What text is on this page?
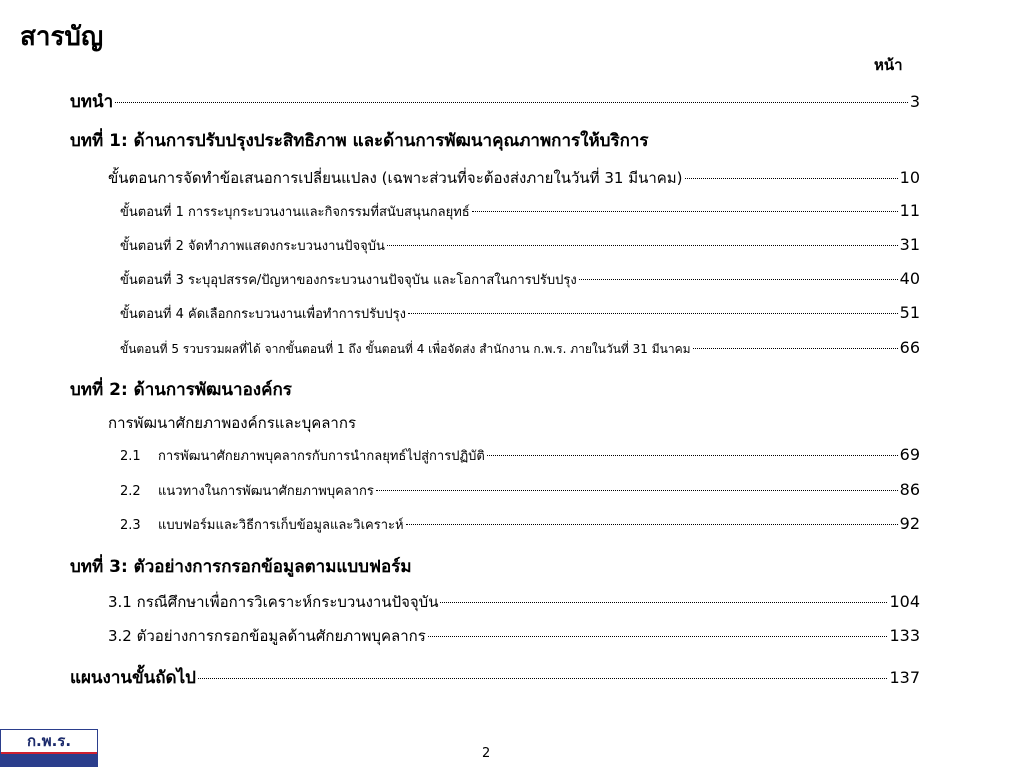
สารบัญ
หน้า
บทนำ	3
บทที่ 1: ด้านการปรับปรุงประสิทธิภาพ และด้านการพัฒนาคุณภาพการให้บริการ
ขั้นตอนการจัดทำข้อเสนอการเปลี่ยนแปลง (เฉพาะส่วนที่จะต้องส่งภายในวันที่ 31 มีนาคม)	10
ขั้นตอนที่ 1 การระบุกระบวนงานและกิจกรรมที่สนับสนุนกลยุทธ์	11
ขั้นตอนที่ 2 จัดทำภาพแสดงกระบวนงานปัจจุบัน	31
ขั้นตอนที่ 3 ระบุอุปสรรค/ปัญหาของกระบวนงานปัจจุบัน และโอกาสในการปรับปรุง	40
ขั้นตอนที่ 4 คัดเลือกกระบวนงานเพื่อทำการปรับปรุง	51
ขั้นตอนที่ 5 รวบรวมผลที่ได้ จากขั้นตอนที่ 1 ถึง ขั้นตอนที่ 4 เพื่อจัดส่ง สำนักงาน ก.พ.ร. ภายในวันที่ 31 มีนาคม	66
บทที่ 2: ด้านการพัฒนาองค์กร
การพัฒนาศักยภาพองค์กรและบุคลากร
2.1 การพัฒนาศักยภาพบุคลากรกับการนำกลยุทธ์ไปสู่การปฏิบัติ	69
2.2 แนวทางในการพัฒนาศักยภาพบุคลากร	86
2.3 แบบฟอร์มและวิธีการเก็บข้อมูลและวิเคราะห์	92
บทที่ 3: ตัวอย่างการกรอกข้อมูลตามแบบฟอร์ม
3.1 กรณีศึกษาเพื่อการวิเคราะห์กระบวนงานปัจจุบัน	104
3.2 ตัวอย่างการกรอกข้อมูลด้านศักยภาพบุคลากร	133
แผนงานขั้นถัดไป	137
ก.พ.ร.
2
